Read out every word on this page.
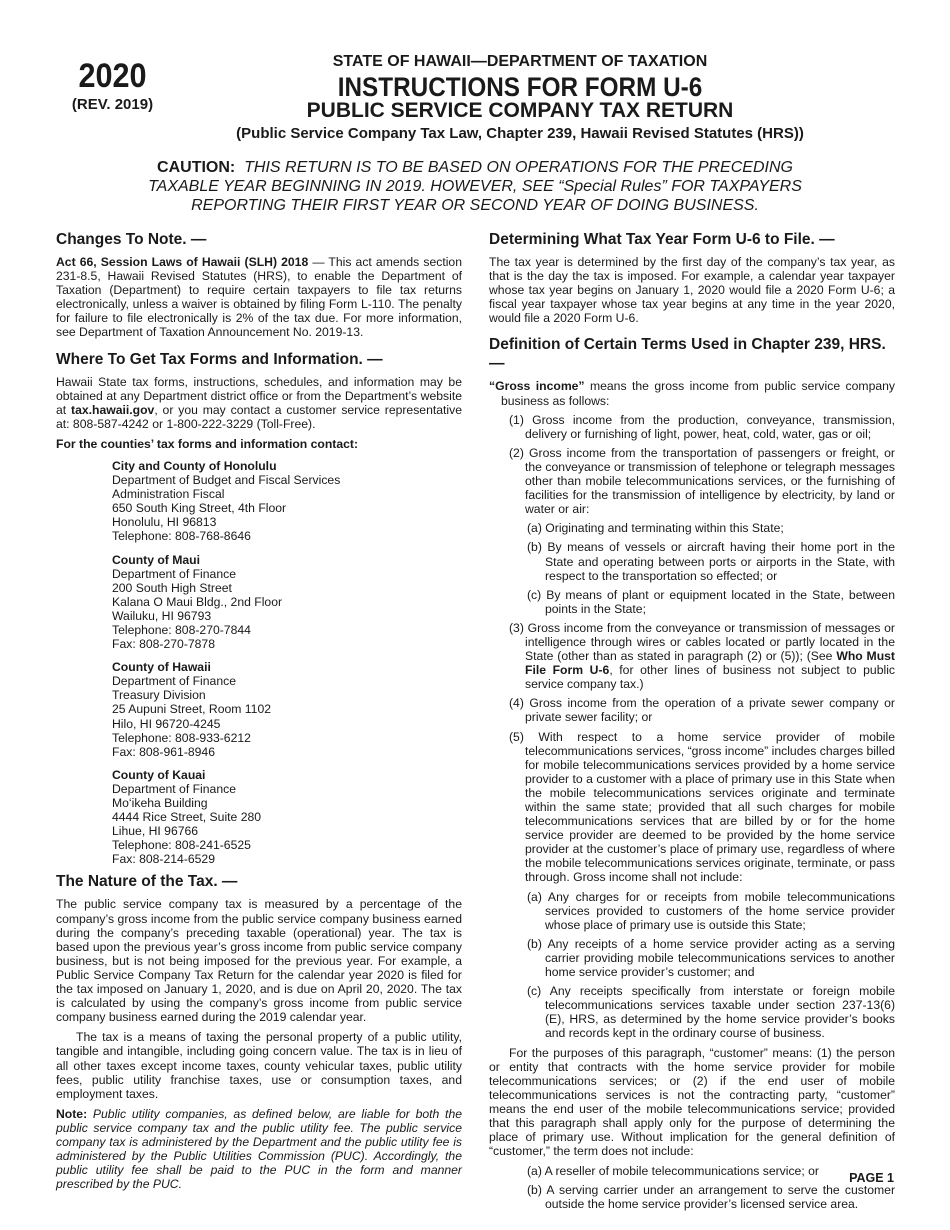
2020
(REV. 2019)
STATE OF HAWAII—DEPARTMENT OF TAXATION
INSTRUCTIONS FOR FORM U-6
PUBLIC SERVICE COMPANY TAX RETURN
(Public Service Company Tax Law, Chapter 239, Hawaii Revised Statutes (HRS))
CAUTION: THIS RETURN IS TO BE BASED ON OPERATIONS FOR THE PRECEDING TAXABLE YEAR BEGINNING IN 2019. HOWEVER, SEE “Special Rules” FOR TAXPAYERS REPORTING THEIR FIRST YEAR OR SECOND YEAR OF DOING BUSINESS.
Changes To Note. —

Act 66, Session Laws of Hawaii (SLH) 2018 — This act amends section 231-8.5, Hawaii Revised Statutes (HRS), to enable the Department of Taxation (Department) to require certain taxpayers to file tax returns electronically, unless a waiver is obtained by filing Form L-110. The penalty for failure to file electronically is 2% of the tax due. For more information, see Department of Taxation Announcement No. 2019-13.

Where To Get Tax Forms and Information. —

Hawaii State tax forms, instructions, schedules, and information may be obtained at any Department district office or from the Department’s website at tax.hawaii.gov, or you may contact a customer service representative at: 808-587-4242 or 1-800-222-3229 (Toll-Free).

For the counties’ tax forms and information contact:
City and County of Honolulu
Department of Budget and Fiscal Services
Administration Fiscal
650 South King Street, 4th Floor
Honolulu, HI 96813
Telephone: 808-768-8646
County of Maui
Department of Finance
200 South High Street
Kalana O Maui Bldg., 2nd Floor
Wailuku, HI 96793
Telephone: 808-270-7844
Fax: 808-270-7878
County of Hawaii
Department of Finance
Treasury Division
25 Aupuni Street, Room 1102
Hilo, HI 96720-4245
Telephone: 808-933-6212
Fax: 808-961-8946
County of Kauai
Department of Finance
Mo‘ikeha Building
4444 Rice Street, Suite 280
Lihue, HI 96766
Telephone: 808-241-6525
Fax: 808-214-6529
The Nature of the Tax. —

The public service company tax is measured by a percentage of the company’s gross income from the public service company business earned during the company’s preceding taxable (operational) year. The tax is based upon the previous year’s gross income from public service company business, but is not being imposed for the previous year. For example, a Public Service Company Tax Return for the calendar year 2020 is filed for the tax imposed on January 1, 2020, and is due on April 20, 2020. The tax is calculated by using the company’s gross income from public service company business earned during the 2019 calendar year.

The tax is a means of taxing the personal property of a public utility, tangible and intangible, including going concern value. The tax is in lieu of all other taxes except income taxes, county vehicular taxes, public utility fees, public utility franchise taxes, use or consumption taxes, and employment taxes.

Note: Public utility companies, as defined below, are liable for both the public service company tax and the public utility fee. The public service company tax is administered by the Department and the public utility fee is administered by the Public Utilities Commission (PUC). Accordingly, the public utility fee shall be paid to the PUC in the form and manner prescribed by the PUC.

Determining What Tax Year Form U-6 to File. —

The tax year is determined by the first day of the company’s tax year, as that is the day the tax is imposed. For example, a calendar year taxpayer whose tax year begins on January 1, 2020 would file a 2020 Form U-6; a fiscal year taxpayer whose tax year begins at any time in the year 2020, would file a 2020 Form U-6.

Definition of Certain Terms Used in Chapter 239, HRS. —
“Gross income” means the gross income from public service company business as follows:
(1) Gross income from the production, conveyance, transmission, delivery or furnishing of light, power, heat, cold, water, gas or oil;
(2) Gross income from the transportation of passengers or freight, or the conveyance or transmission of telephone or telegraph messages other than mobile telecommunications services, or the furnishing of facilities for the transmission of intelligence by electricity, by land or water or air:
(a) Originating and terminating within this State;
(b) By means of vessels or aircraft having their home port in the State and operating between ports or airports in the State, with respect to the transportation so effected; or
(c) By means of plant or equipment located in the State, between points in the State;
(3) Gross income from the conveyance or transmission of messages or intelligence through wires or cables located or partly located in the State (other than as stated in paragraph (2) or (5)); (See Who Must File Form U-6, for other lines of business not subject to public service company tax.)
(4) Gross income from the operation of a private sewer company or private sewer facility; or
(5) With respect to a home service provider of mobile telecommunications services, “gross income” includes charges billed for mobile telecommunications services provided by a home service provider to a customer with a place of primary use in this State when the mobile telecommunications services originate and terminate within the same state; provided that all such charges for mobile telecommunications services that are billed by or for the home service provider are deemed to be provided by the home service provider at the customer’s place of primary use, regardless of where the mobile telecommunications services originate, terminate, or pass through. Gross income shall not include:
(a) Any charges for or receipts from mobile telecommunications services provided to customers of the home service provider whose place of primary use is outside this State;
(b) Any receipts of a home service provider acting as a serving carrier providing mobile telecommunications services to another home service provider’s customer; and
(c) Any receipts specifically from interstate or foreign mobile telecommunications services taxable under section 237-13(6)(E), HRS, as determined by the home service provider’s books and records kept in the ordinary course of business.

For the purposes of this paragraph, “customer” means: (1) the person or entity that contracts with the home service provider for mobile telecommunications services; or (2) if the end user of mobile telecommunications services is not the contracting party, “customer” means the end user of the mobile telecommunications service; provided that this paragraph shall apply only for the purpose of determining the place of primary use. Without implication for the general definition of “customer,” the term does not include:

(a) A reseller of mobile telecommunications service; or
(b) A serving carrier under an arrangement to serve the customer outside the home service provider’s licensed service area.
PAGE 1
